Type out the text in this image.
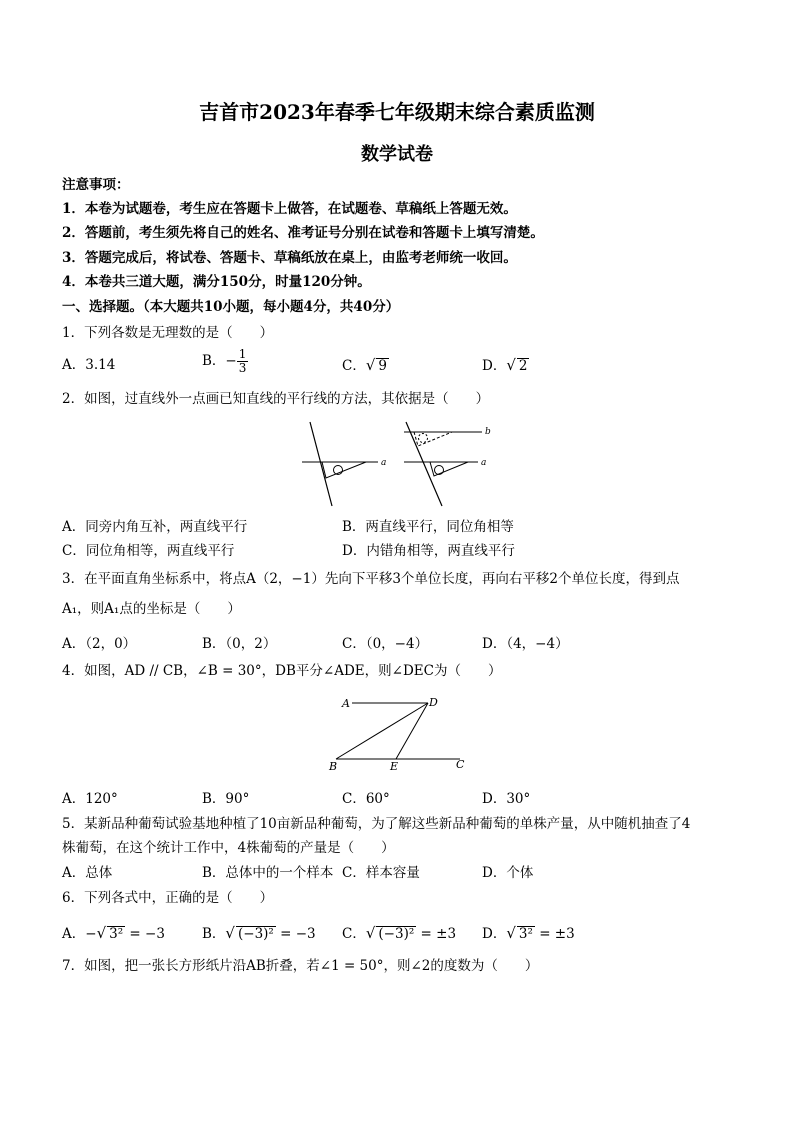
吉首市2023年春季七年级期末综合素质监测
数学试卷
注意事项：
1．本卷为试题卷，考生应在答题卡上做答，在试题卷、草稿纸上答题无效。
2．答题前，考生须先将自己的姓名、准考证号分别在试卷和答题卡上填写清楚。
3．答题完成后，将试卷、答题卡、草稿纸放在桌上，由监考老师统一收回。
4．本卷共三道大题，满分150分，时量120分钟。
一、选择题。（本大题共10小题，每小题4分，共40分）
1．下列各数是无理数的是（　　）
A．3.14	B．− $\frac{1}{3}$	C．√ 9	D．√ 2
2．如图，过直线外一点画已知直线的平行线的方法，其依据是（　　）
a
b
a
A．同旁内角互补，两直线平行	B．两直线平行，同位角相等
C．同位角相等，两直线平行	D．内错角相等，两直线平行
3．在平面直角坐标系中，将点A（2，−1）先向下平移3个单位长度，再向右平移2个单位长度，得到点
A₁，则A₁点的坐标是（　　）
A．（2，0）	B．（0，2）	C．（0，−4）	D．（4，−4）
4．如图，AD // CB，∠B = 30°，DB平分∠ADE，则∠DEC为（　　）
A	D
B	E	C
A．120°	B．90°	C．60°	D．30°
5．某新品种葡萄试验基地种植了10亩新品种葡萄，为了解这些新品种葡萄的单株产量，从中随机抽查了4
株葡萄，在这个统计工作中，4株葡萄的产量是（　　）
A．总体	B．总体中的一个样本 C．样本容量	D．个体
6．下列各式中，正确的是（　　）
A．−√ 3² = −3	B．√ (−3)² = −3 C．√ (−3)² = ±3 D．√ 3² = ±3
7．如图，把一张长方形纸片沿AB折叠，若∠1 = 50°，则∠2的度数为（　　）
